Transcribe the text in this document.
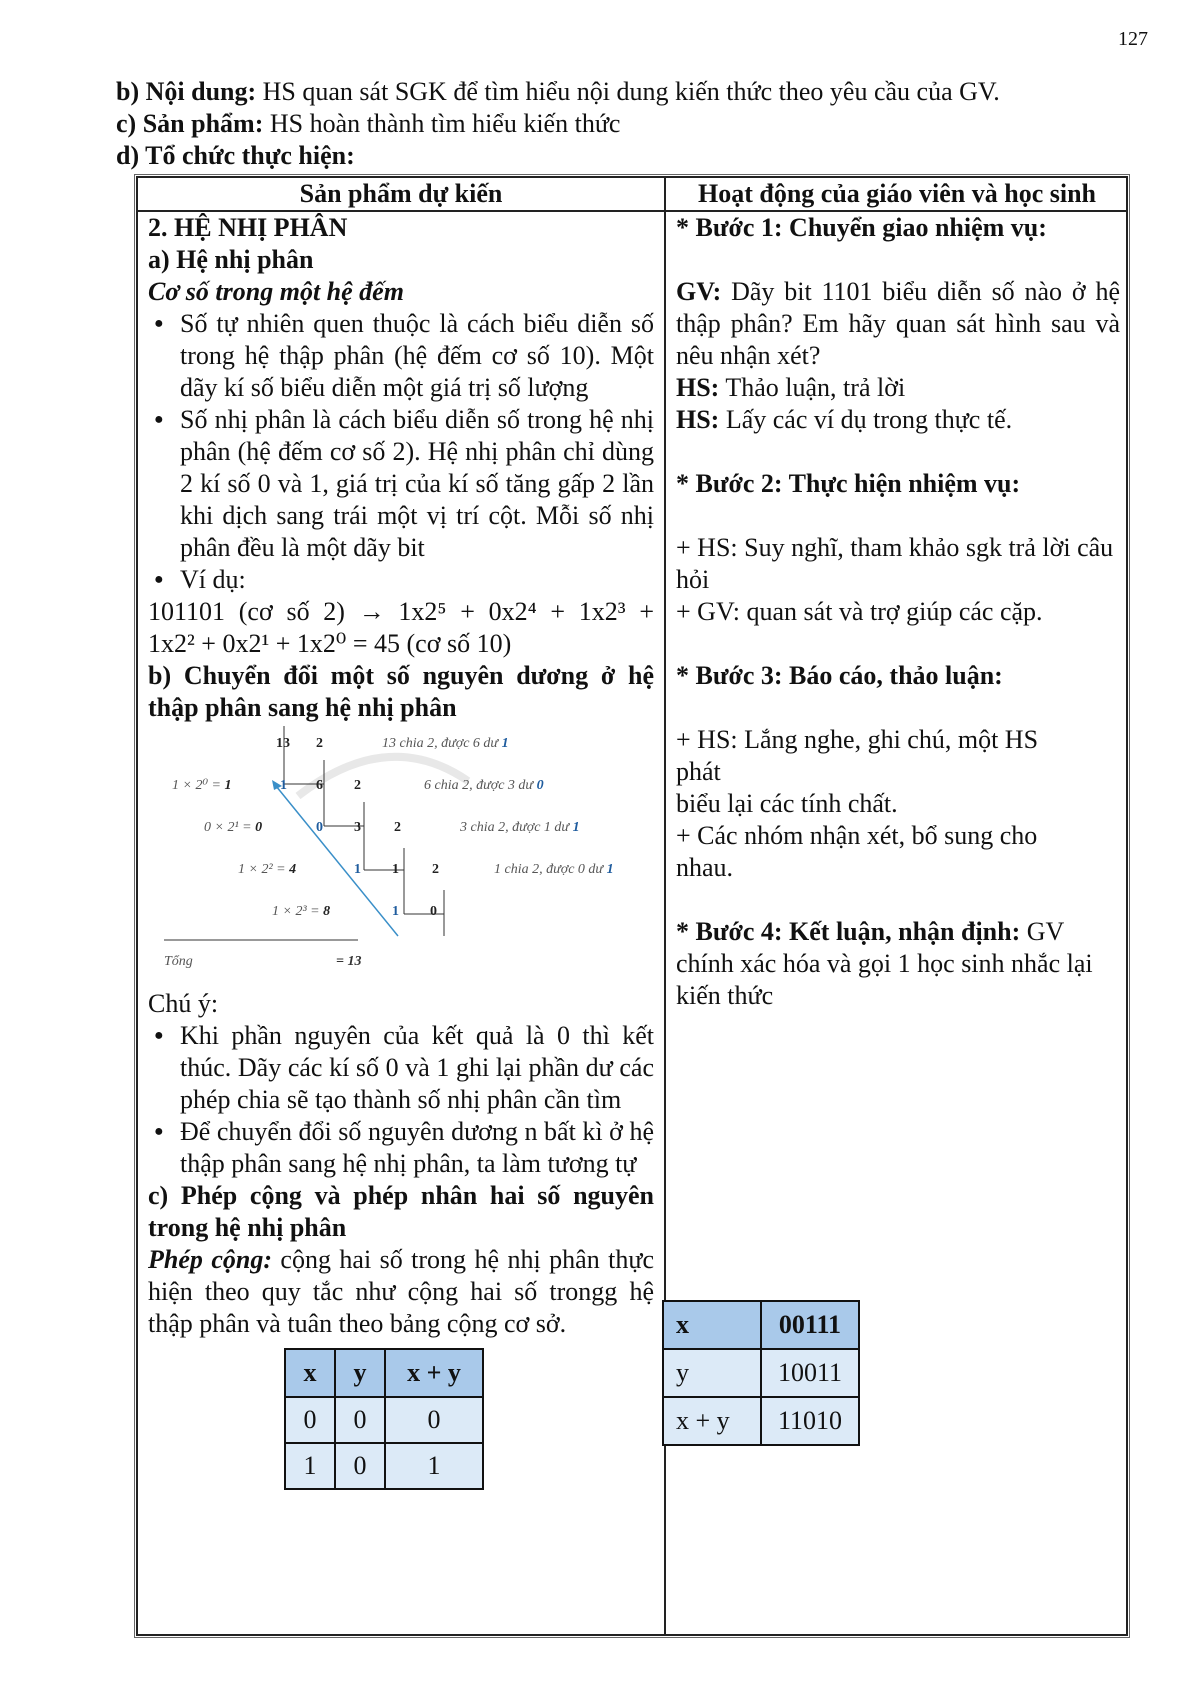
127
b) Nội dung: HS quan sát SGK để tìm hiểu nội dung kiến thức theo yêu cầu của GV.
c) Sản phẩm: HS hoàn thành tìm hiểu kiến thức
d) Tổ chức thực hiện:
Sản phẩm dự kiến	Hoạt động của giáo viên và học sinh

2. HỆ NHỊ PHÂN

a) Hệ nhị phân

Cơ số trong một hệ đếm

● Số tự nhiên quen thuộc là cách biểu diễn số trong hệ thập phân (hệ đếm cơ số 10). Một dãy kí số biểu diễn một giá trị số lượng

● Số nhị phân là cách biểu diễn số trong hệ nhị phân (hệ đếm cơ số 2). Hệ nhị phân chỉ dùng 2 kí số 0 và 1, giá trị của kí số tăng gấp 2 lần khi dịch sang trái một vị trí cột. Mỗi số nhị phân đều là một dãy bit

● Ví dụ:

101101 (cơ số 2) → 1x2⁵ + 0x2⁴ + 1x2³ +

1x2² + 0x2¹ + 1x2⁰ = 45 (cơ số 10)

b) Chuyển đổi một số nguyên dương ở hệ thập phân sang hệ nhị phân

13 2	13 chia 2, được 6 dư 1
1 × 2⁰ = 1	1 6 2	6 chia 2, được 3 dư 0
0 × 2¹ = 0	0 3 2	3 chia 2, được 1 dư 1
1 × 2² = 4	1 1 2	1 chia 2, được 0 dư 1
1 × 2³ = 8	1 0
Tổng	= 13

Chú ý:

● Khi phần nguyên của kết quả là 0 thì kết thúc. Dãy các kí số 0 và 1 ghi lại phần dư các phép chia sẽ tạo thành số nhị phân cần tìm

● Để chuyển đổi số nguyên dương n bất kì ở hệ thập phân sang hệ nhị phân, ta làm tương tự

c) Phép cộng và phép nhân hai số nguyên trong hệ nhị phân

Phép cộng: cộng hai số trong hệ nhị phân thực hiện theo quy tắc như cộng hai số trongg hệ thập phân và tuân theo bảng cộng cơ sở.

x	y	x + y
0	0	0
1	0	1

* Bước 1: Chuyển giao nhiệm vụ:

GV: Dãy bit 1101 biểu diễn số nào ở hệ thập phân? Em hãy quan sát hình sau và nêu nhận xét?

HS: Thảo luận, trả lời

HS: Lấy các ví dụ trong thực tế.

* Bước 2: Thực hiện nhiệm vụ:

+ HS: Suy nghĩ, tham khảo sgk trả lời câu hỏi

+ GV: quan sát và trợ giúp các cặp.

* Bước 3: Báo cáo, thảo luận:

+ HS: Lắng nghe, ghi chú, một HS phát

biểu lại các tính chất.

+ Các nhóm nhận xét, bổ sung cho nhau.

* Bước 4: Kết luận, nhận định: GV chính xác hóa và gọi 1 học sinh nhắc lại kiến thức

x	00111
y	10011
x + y	11010
